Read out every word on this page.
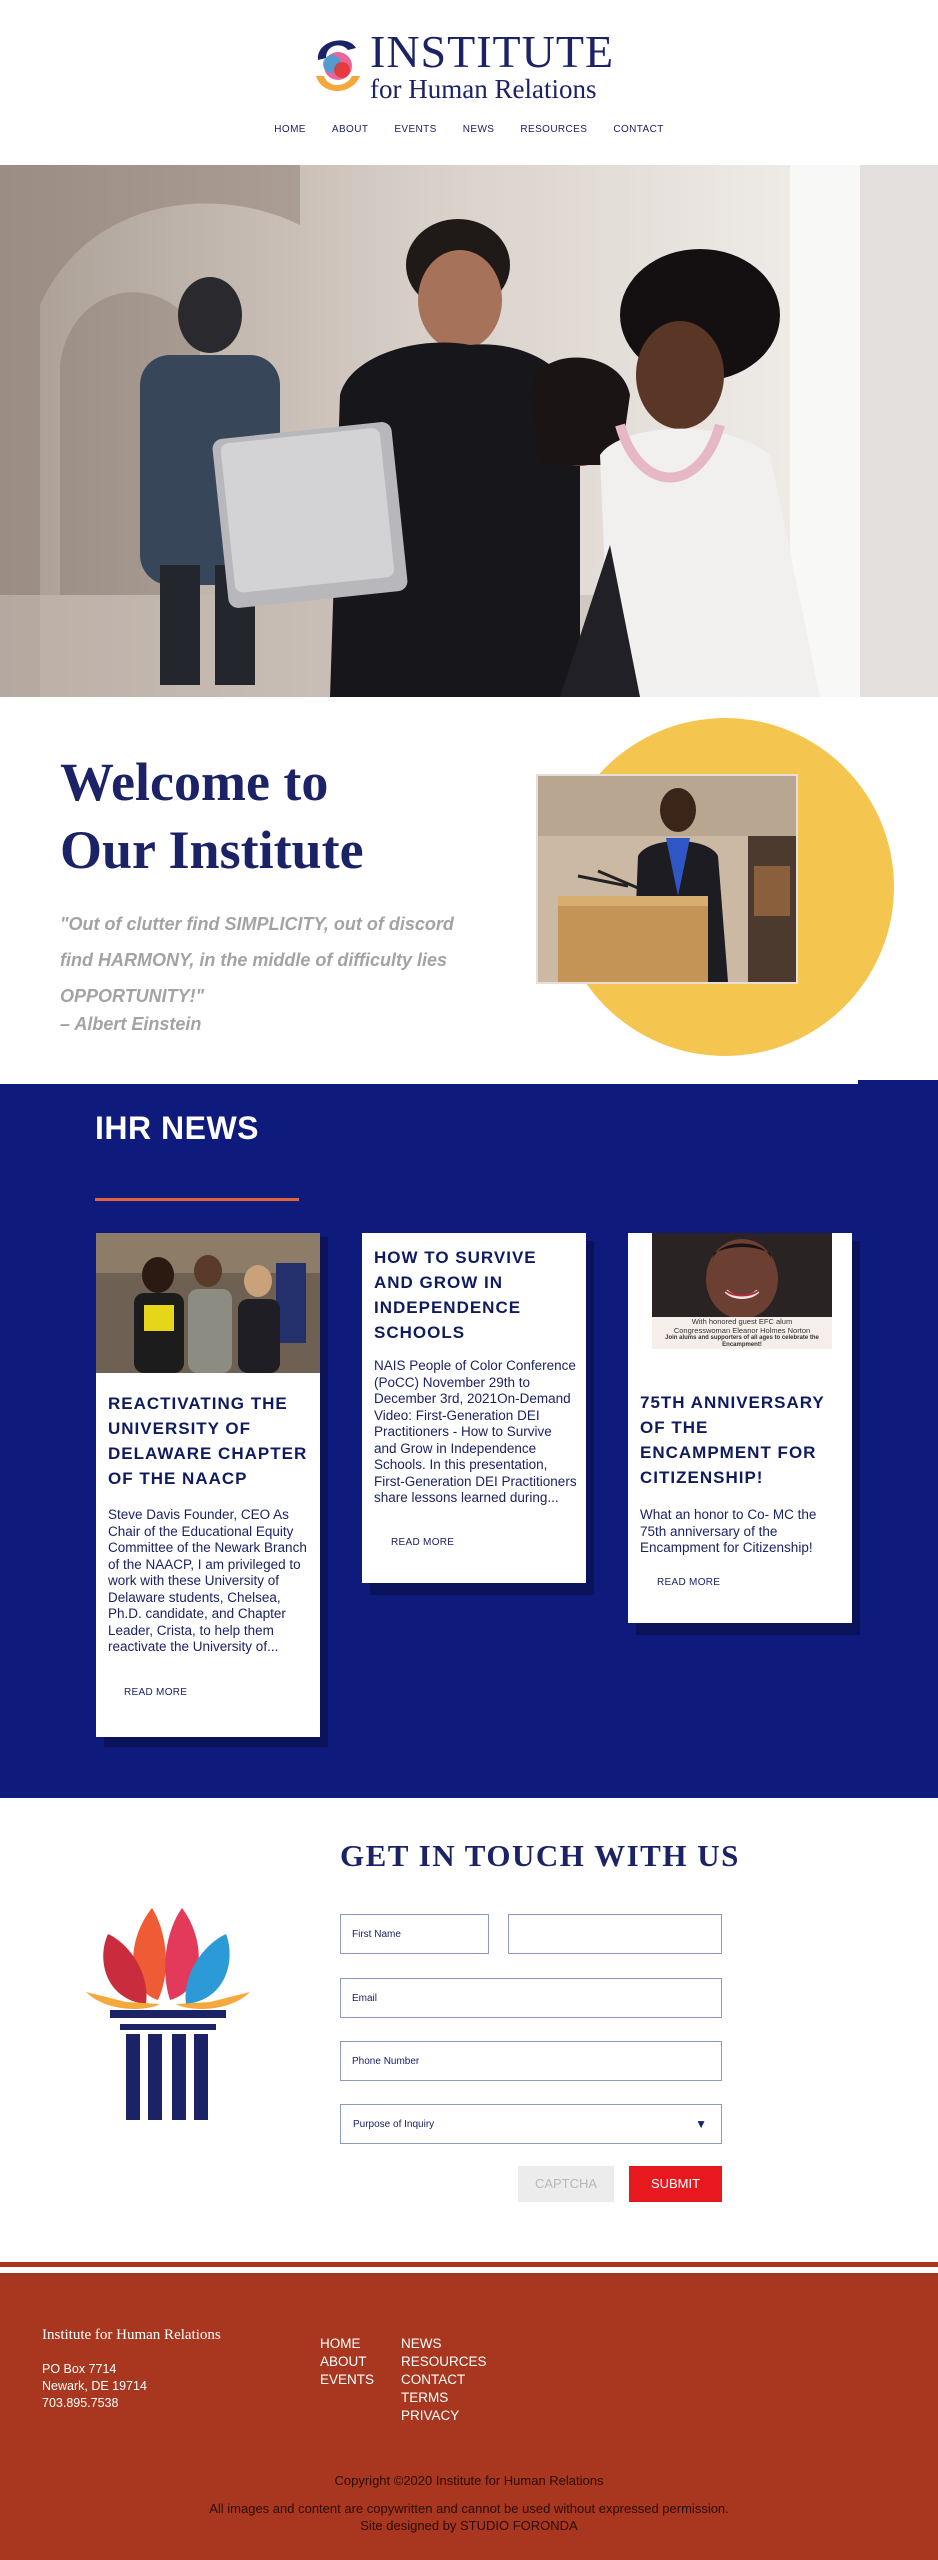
INSTITUTE
for Human Relations
HOME	ABOUT	EVENTS	NEWS	RESOURCES	CONTACT
Welcome to
Our Institute
"Out of clutter find SIMPLICITY, out of discord find HARMONY, in the middle of difficulty lies OPPORTUNITY!"
– Albert Einstein
IHR NEWS
REACTIVATING THE UNIVERSITY OF DELAWARE CHAPTER OF THE NAACP
Steve Davis Founder, CEO As Chair of the Educational Equity Committee of the Newark Branch of the NAACP, I am privileged to work with these University of Delaware students, Chelsea, Ph.D. candidate, and Chapter Leader, Crista, to help them reactivate the University of...
READ MORE
HOW TO SURVIVE AND GROW IN INDEPENDENCE SCHOOLS
NAIS People of Color Conference (PoCC) November 29th to December 3rd, 2021On-Demand Video: First-Generation DEI Practitioners - How to Survive and Grow in Independence Schools. In this presentation, First-Generation DEI Practitioners share lessons learned during...
READ MORE
With honored guest EFC alum
Congresswoman Eleanor Holmes Norton
Join alums and supporters of all ages to celebrate the Encampment!
75TH ANNIVERSARY OF THE ENCAMPMENT FOR CITIZENSHIP!
What an honor to Co- MC the 75th anniversary of the Encampment for Citizenship!
READ MORE
GET IN TOUCH WITH US
First Name
Email
Phone Number
Purpose of Inquiry	▼
CAPTCHA	SUBMIT
Institute for Human Relations
PO Box 7714
Newark, DE 19714
703.895.7538
HOME
ABOUT
EVENTS
NEWS
RESOURCES
CONTACT
TERMS
PRIVACY
Copyright ©2020 Institute for Human Relations
All images and content are copywritten and cannot be used without expressed permission.
Site designed by STUDIO FORONDA
